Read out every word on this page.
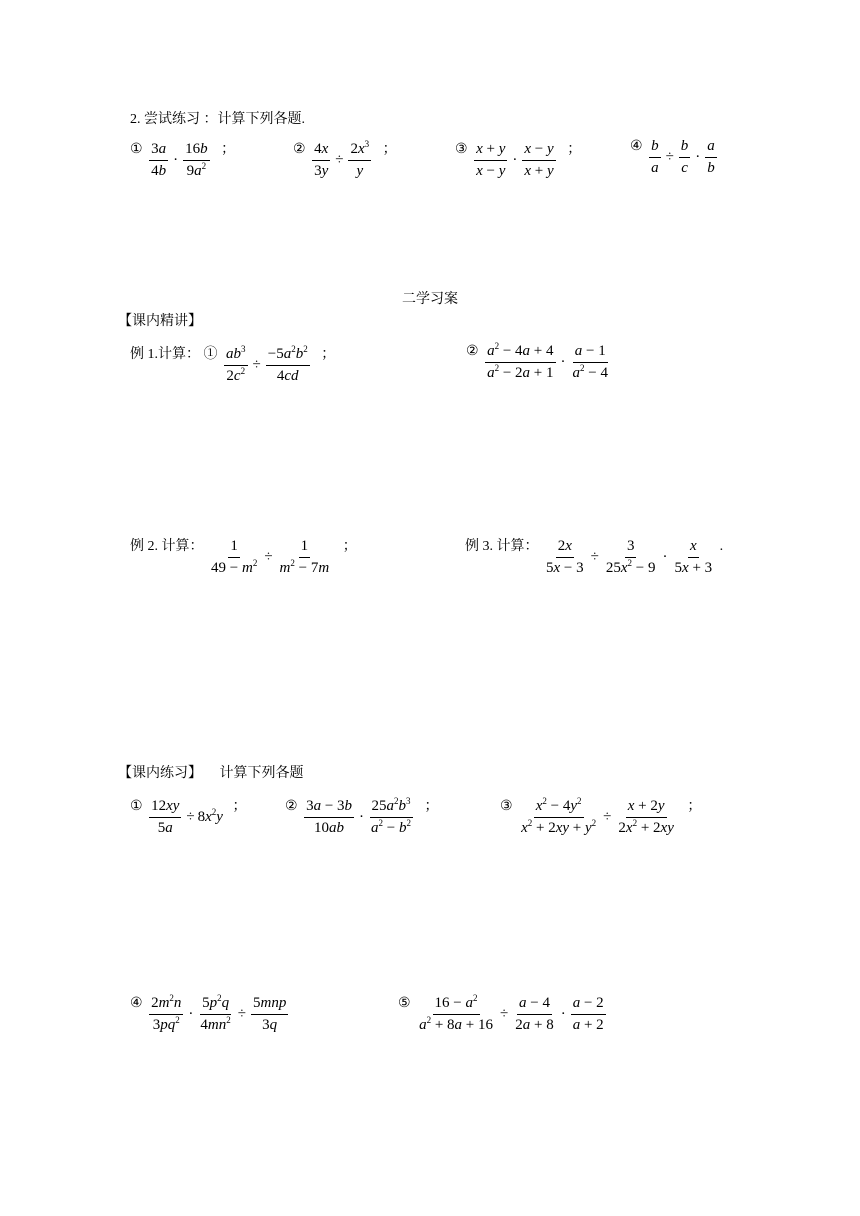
2. 尝试练习 ：计算下列各题.
① $\frac{3a}{4b} \cdot \frac{16b}{9a^2}$ ；	② $\frac{4x}{3y} \div \frac{2x^3}{y}$ ；	③ $\frac{x + y}{x - y} \cdot \frac{x - y}{x + y}$ ；	④ $\frac{b}{a} \div \frac{b}{c} \cdot \frac{a}{b}$
二学习案
【课内精讲】
例 1.计算： ① $\frac{ab^3}{2c^2} \div \frac{-5a^2b^2}{4cd}$ ；	② $\frac{a^2 - 4a + 4}{a^2 - 2a + 1} \cdot \frac{a - 1}{a^2 - 4}$
例 2. 计算： $\frac{1}{49 - m^2} \div \frac{1}{m^2 - 7m}$ ；	例 3. 计算： $\frac{2x}{5x - 3} \div \frac{3}{25x^2 - 9} \cdot \frac{x}{5x + 3}$ .
【课内练习】 计算下列各题
① $\frac{12xy}{5a} \div 8x^2y$
；	② $\frac{3a - 3b}{10ab} \cdot \frac{25a^2b^3}{a^2 - b^2}$ ；	③ $\frac{x^2 - 4y^2}{x^2 + 2xy + y^2} \div \frac{x + 2y}{2x^2 + 2xy}$ ；
④ $\frac{2m^2n}{3pq^2} \cdot \frac{5p^2q}{4mn^2} \div \frac{\text{5mnp}}{3q}$	⑤ $\frac{16 - a^2}{a^2 + 8a + 16} \div \frac{a - 4}{2a + 8} \cdot \frac{a - 2}{a + 2}$
